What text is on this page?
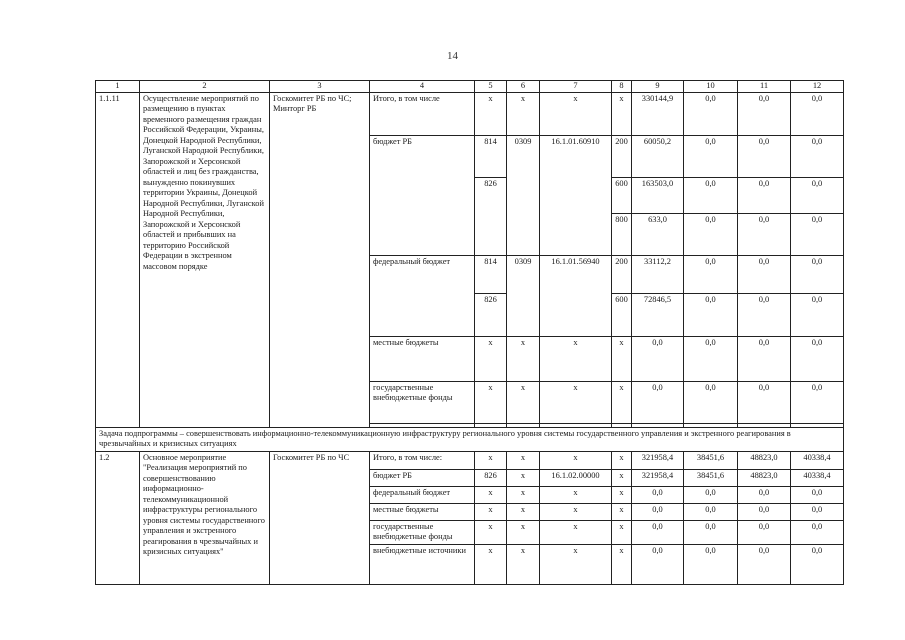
14
1	2	3	4	5	6	7	8	9	10	11	12
1.1.11	Осуществление мероприятий по размещению в пунктах временного размещения граждан Российской Федерации, Украины, Донецкой Народной Республики, Луганской Народной Республики, Запорожской и Херсонской областей и лиц без гражданства, вынужденно покинувших территории Украины, Донецкой Народной Республики, Луганской Народной Республики, Запорожской и Херсонской областей и прибывших на территорию Российской Федерации в экстренном массовом порядке	Госкомитет РБ по ЧС; Минторг РБ	Итого, в том числе	х	х	х	х	330144,9	0,0	0,0	0,0
			бюджет РБ	814	0309	16.1.01.60910	200	60050,2	0,0	0,0	0,0
				826			600	163503,0	0,0	0,0	0,0
							800	633,0	0,0	0,0	0,0
			федеральный бюджет	814	0309	16.1.01.56940	200	33112,2	0,0	0,0	0,0
				826			600	72846,5	0,0	0,0	0,0
			местные бюджеты	х	х	х	х	0,0	0,0	0,0	0,0
			государственные внебюджетные фонды	х	х	х	х	0,0	0,0	0,0	0,0

Задача подпрограммы – совершенствовать информационно-телекоммуникационную инфраструктуру регионального уровня системы государственного управления и экстренного реагирования в чрезвычайных и кризисных ситуациях											
1.2	Основное мероприятие "Реализация мероприятий по совершенствованию информационно-телекоммуникационной инфраструктуры регионального уровня системы государственного управления и экстренного реагирования в чрезвычайных и кризисных ситуациях"	Госкомитет РБ по ЧС	Итого, в том числе:	х	х	х	х	321958,4	38451,6	48823,0	40338,4
			бюджет РБ	826	х	16.1.02.00000	х	321958,4	38451,6	48823,0	40338,4
			федеральный бюджет	х	х	х	х	0,0	0,0	0,0	0,0
			местные бюджеты	х	х	х	х	0,0	0,0	0,0	0,0
			государственные внебюджетные фонды	х	х	х	х	0,0	0,0	0,0	0,0
			внебюджетные источники	х	х	х	х	0,0	0,0	0,0	0,0
